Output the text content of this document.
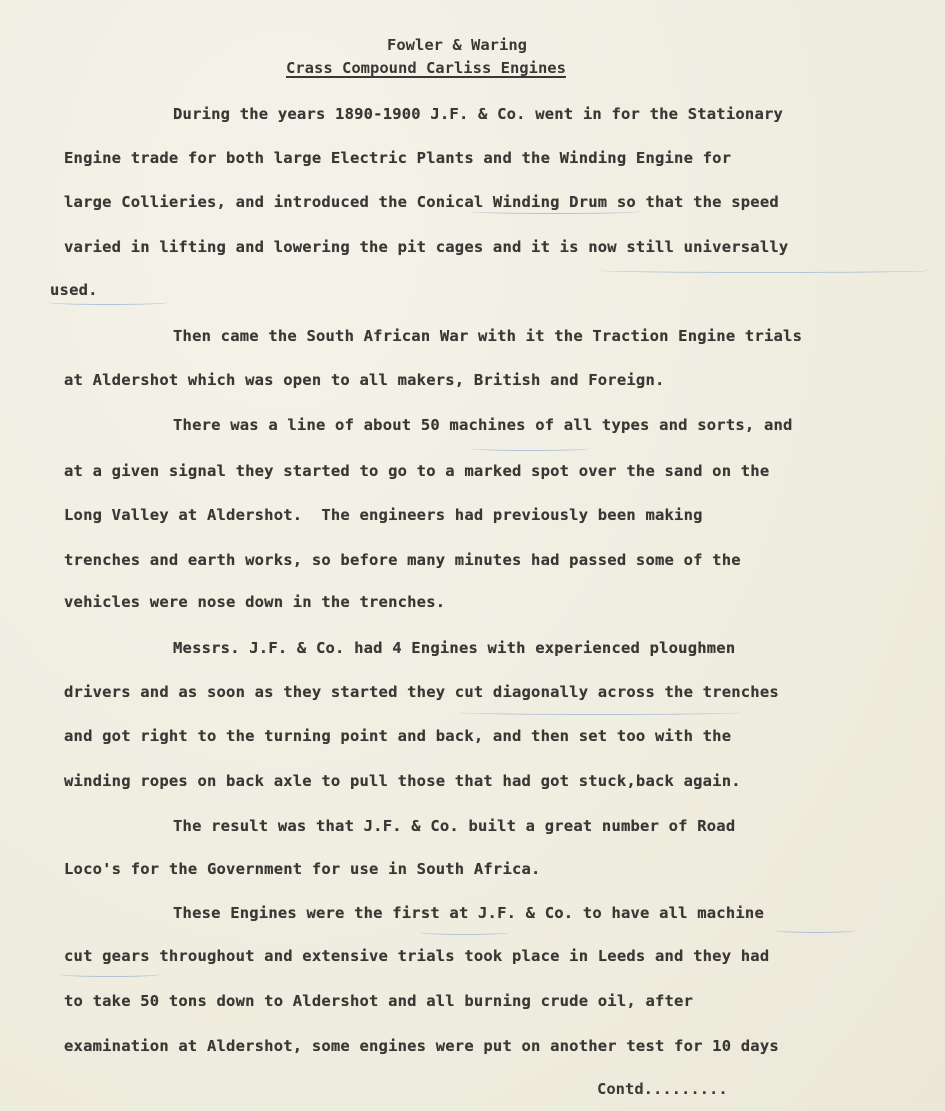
Fowler & Waring
Crass Compound Carliss Engines
During the years 1890-1900 J.F. & Co. went in for the Stationary
Engine trade for both large Electric Plants and the Winding Engine for
large Collieries, and introduced the Conical Winding Drum so that the speed
varied in lifting and lowering the pit cages and it is now still universally
used.
Then came the South African War with it the Traction Engine trials
at Aldershot which was open to all makers, British and Foreign.
There was a line of about 50 machines of all types and sorts, and
at a given signal they started to go to a marked spot over the sand on the
Long Valley at Aldershot.  The engineers had previously been making
trenches and earth works, so before many minutes had passed some of the
vehicles were nose down in the trenches.
Messrs. J.F. & Co. had 4 Engines with experienced ploughmen
drivers and as soon as they started they cut diagonally across the trenches
and got right to the turning point and back, and then set too with the
winding ropes on back axle to pull those that had got stuck,back again.
The result was that J.F. & Co. built a great number of Road
Loco's for the Government for use in South Africa.
These Engines were the first at J.F. & Co. to have all machine
cut gears throughout and extensive trials took place in Leeds and they had
to take 50 tons down to Aldershot and all burning crude oil, after
examination at Aldershot, some engines were put on another test for 10 days
Contd.........
